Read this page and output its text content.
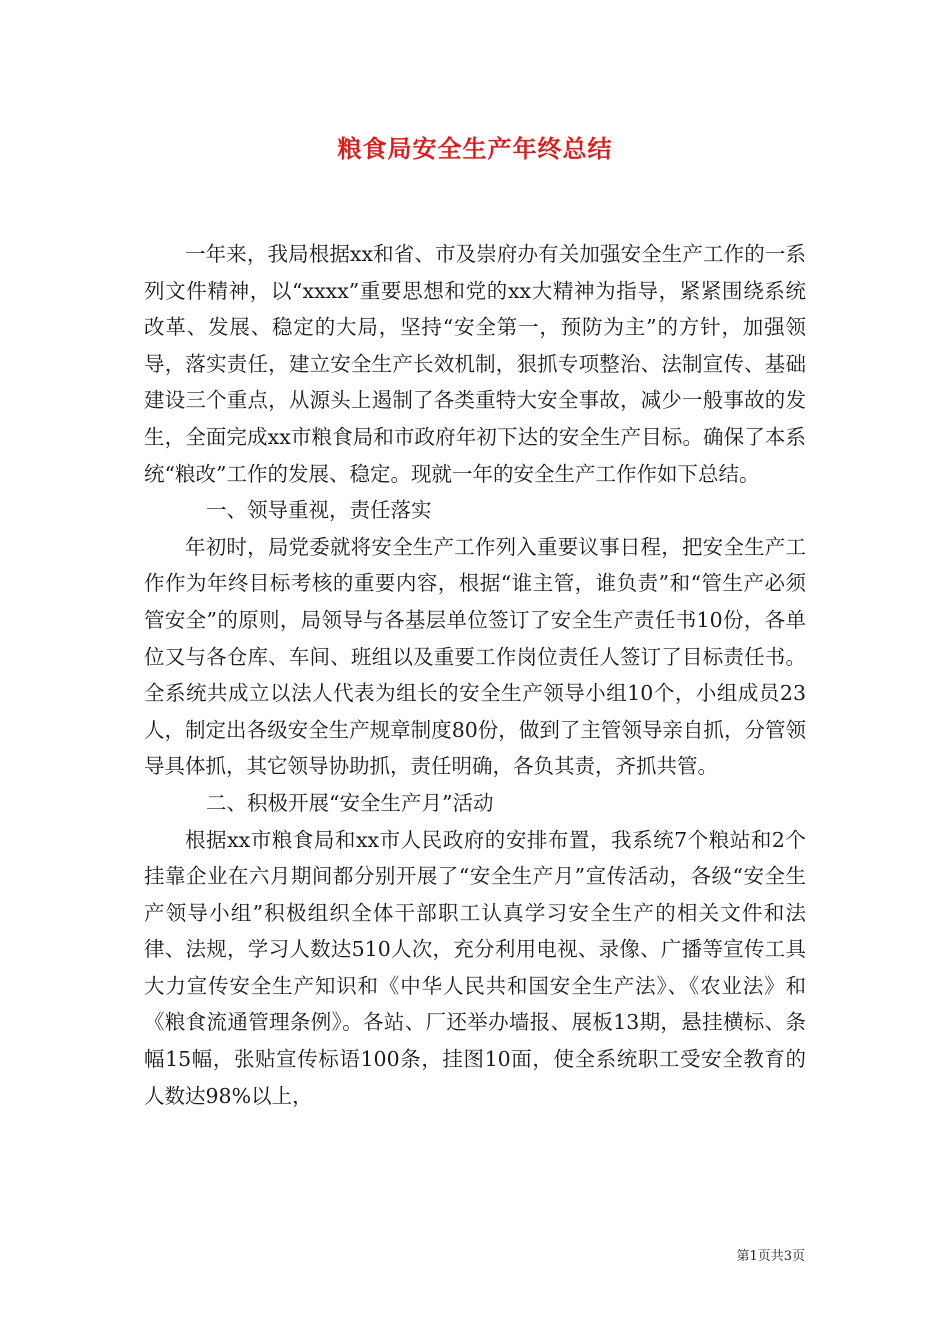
粮食局安全生产年终总结

一年来，我局根据xx和省、市及崇府办有关加强安全生产工作的一系列文件精神，以“xxxx”重要思想和党的xx大精神为指导，紧紧围绕系统改革、发展、稳定的大局，坚持“安全第一，预防为主”的方针，加强领导，落实责任，建立安全生产长效机制，狠抓专项整治、法制宣传、基础建设三个重点，从源头上遏制了各类重特大安全事故，减少一般事故的发生，全面完成xx市粮食局和市政府年初下达的安全生产目标。确保了本系统“粮改”工作的发展、稳定。现就一年的安全生产工作作如下总结。

一、领导重视，责任落实

年初时，局党委就将安全生产工作列入重要议事日程，把安全生产工作作为年终目标考核的重要内容，根据“谁主管，谁负责”和“管生产必须管安全”的原则，局领导与各基层单位签订了安全生产责任书10份，各单位又与各仓库、车间、班组以及重要工作岗位责任人签订了目标责任书。全系统共成立以法人代表为组长的安全生产领导小组10个，小组成员23人，制定出各级安全生产规章制度80份，做到了主管领导亲自抓，分管领导具体抓，其它领导协助抓，责任明确，各负其责，齐抓共管。

二、积极开展“安全生产月”活动

根据xx市粮食局和xx市人民政府的安排布置，我系统7个粮站和2个挂靠企业在六月期间都分别开展了“安全生产月”宣传活动，各级“安全生产领导小组”积极组织全体干部职工认真学习安全生产的相关文件和法律、法规，学习人数达510人次，充分利用电视、录像、广播等宣传工具大力宣传安全生产知识和《中华人民共和国安全生产法》、《农业法》和《粮食流通管理条例》。各站、厂还举办墙报、展板13期，悬挂横标、条幅15幅，张贴宣传标语100条，挂图10面，使全系统职工受安全教育的人数达98%以上，

第1页共3页
